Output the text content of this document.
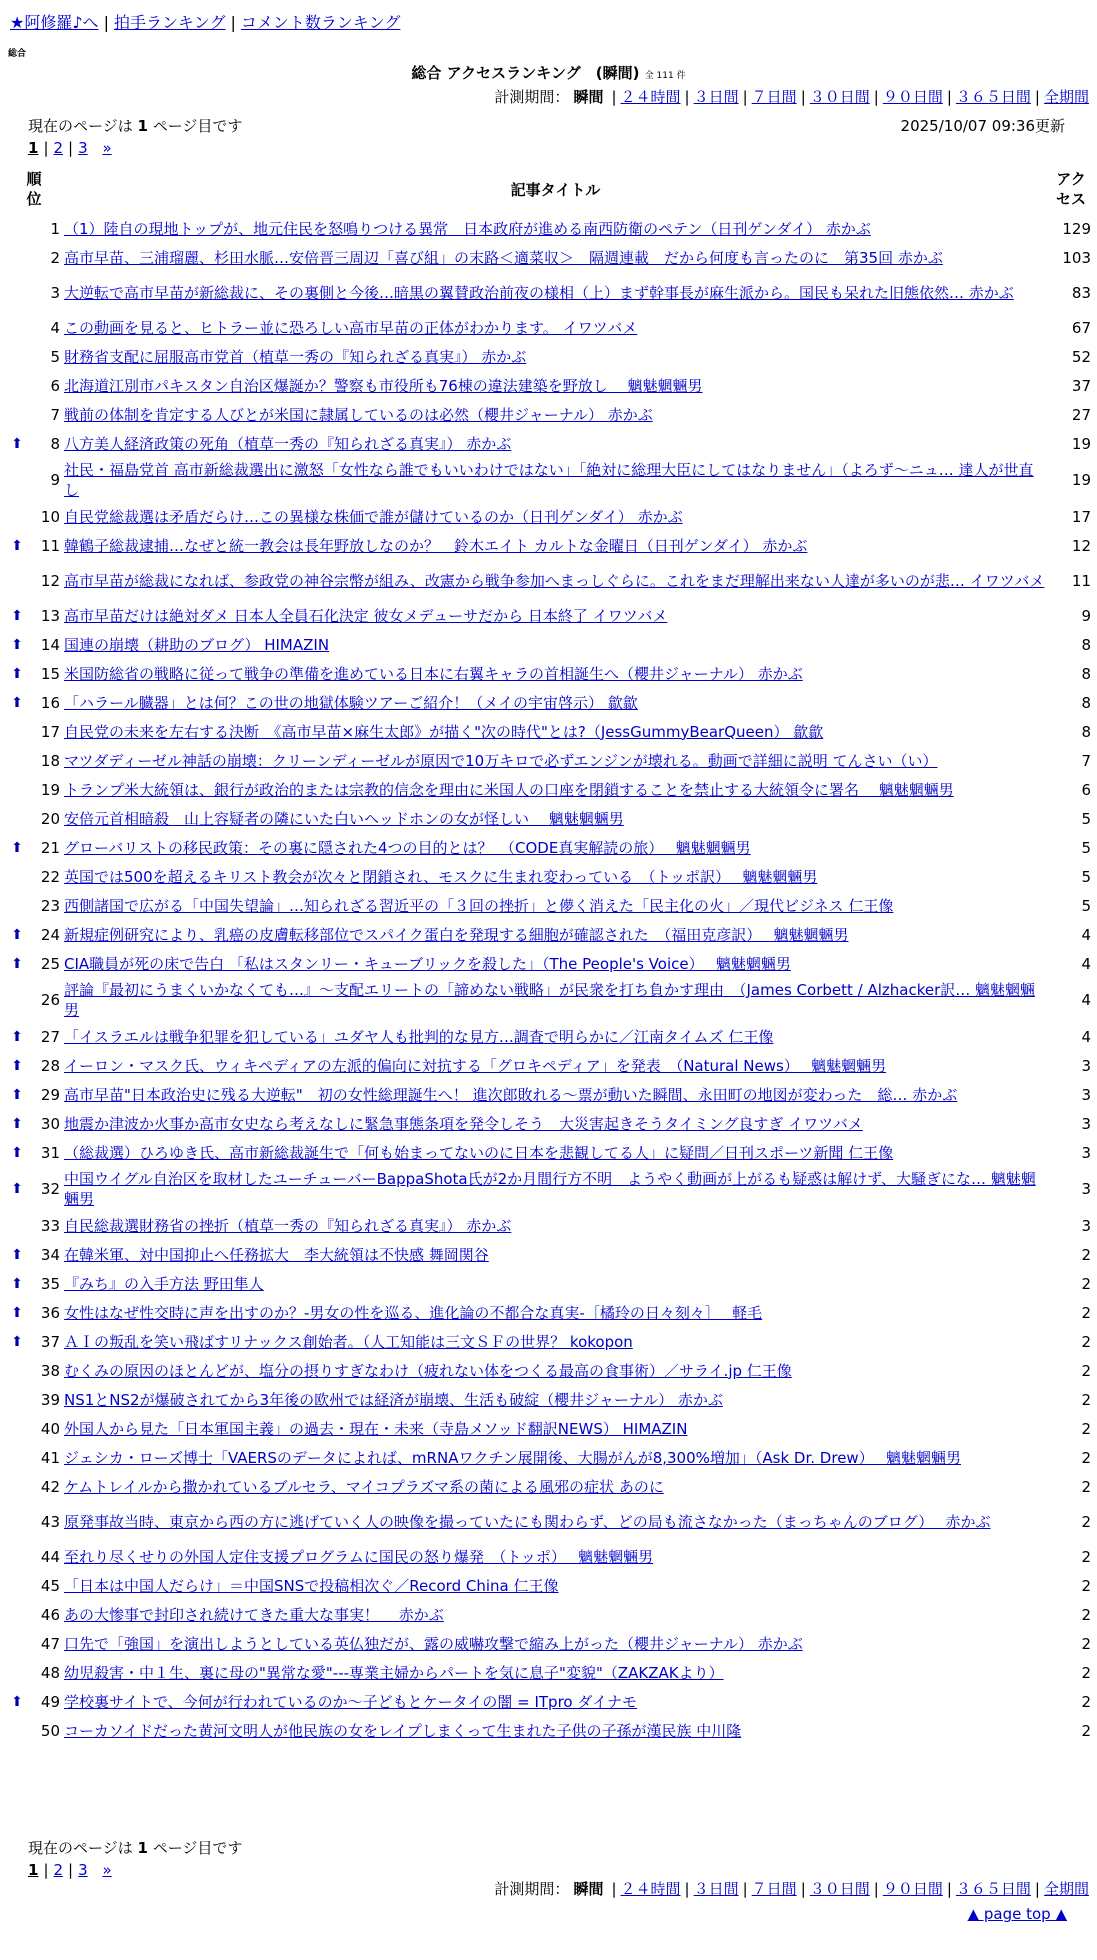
★阿修羅♪へ | 拍手ランキング | コメント数ランキング
総合
総合 アクセスランキング　(瞬間) 全 111 件
計測期間： 瞬間 | ２４時間 | ３日間 | ７日間 | ３０日間 | ９０日間 | ３６５日間 | 全期間
現在のページは 1 ページ目です	2025/10/07 09:36更新
1 | 2 | 3 »
順
位		記事タイトル	アク
セス
	1	（1）陸自の現地トップが、地元住民を怒鳴りつける異常　日本政府が進める南西防衛のペテン（日刊ゲンダイ） 赤かぶ	129
	2	高市早苗、三浦瑠麗、杉田水脈…安倍晋三周辺「喜び組」の末路＜適菜収＞　隔週連載　だから何度も言ったのに　第35回 赤かぶ	103
	3	大逆転で高市早苗が新総裁に、その裏側と今後…暗黒の翼賛政治前夜の様相（上）まず幹事長が麻生派から。国民も呆れた旧態依然… 赤かぶ	83
	4	この動画を見ると、ヒトラー並に恐ろしい高市早苗の正体がわかります。 イワツバメ	67
	5	財務省支配に屈服高市党首（植草一秀の『知られざる真実』） 赤かぶ	52
	6	北海道江別市パキスタン自治区爆誕か？警察も市役所も76棟の違法建築を野放し　 魑魅魍魎男	37
	7	戦前の体制を肯定する人びとが米国に隷属しているのは必然（櫻井ジャーナル） 赤かぶ	27
⬆	8	八方美人経済政策の死角（植草一秀の『知られざる真実』） 赤かぶ	19
	9	社民・福島党首 高市新総裁選出に激怒「女性なら誰でもいいわけではない」「絶対に総理大臣にしてはなりません」（よろず～ニュ… 達人が世直し	19
	10	自民党総裁選は矛盾だらけ…この異様な株価で誰が儲けているのか（日刊ゲンダイ） 赤かぶ	17
⬆	11	韓鶴子総裁逮捕…なぜと統一教会は長年野放しなのか？　鈴木エイト カルトな金曜日（日刊ゲンダイ） 赤かぶ	12
	12	高市早苗が総裁になれば、参政党の神谷宗幣が組み、改憲から戦争参加へまっしぐらに。これをまだ理解出来ない人達が多いのが悲… イワツバメ	11
⬆	13	高市早苗だけは絶対ダメ 日本人全員石化決定 彼女メデューサだから 日本終了 イワツバメ	9
⬆	14	国連の崩壊（耕助のブログ） HIMAZIN	8
⬆	15	米国防総省の戦略に従って戦争の準備を進めている日本に右翼キャラの首相誕生へ（櫻井ジャーナル） 赤かぶ	8
⬆	16	「ハラール臓器」とは何？この世の地獄体験ツアーご紹介！（メイの宇宙啓示） 歙歙	8
	17	自民党の未来を左右する決断　《高市早苗×麻生太郎》が描く"次の時代"とは?（JessGummyBearQueen） 歙歙	8
	18	マツダディーゼル神話の崩壊：クリーンディーゼルが原因で10万キロで必ずエンジンが壊れる。動画で詳細に説明 てんさい（い）	7
	19	トランプ米大統領は、銀行が政治的または宗教的信念を理由に米国人の口座を閉鎖することを禁止する大統領令に署名　 魑魅魍魎男	6
	20	安倍元首相暗殺　山上容疑者の隣にいた白いヘッドホンの女が怪しい　 魑魅魍魎男	5
⬆	21	グローバリストの移民政策：その裏に隠された4つの目的とは？　（CODE真実解読の旅）　 魑魅魍魎男	5
	22	英国では500を超えるキリスト教会が次々と閉鎖され、モスクに生まれ変わっている　（トッポ訳）　 魑魅魍魎男	5
	23	西側諸国で広がる「中国失望論」…知られざる習近平の「３回の挫折」と儚く消えた「民主化の火」／現代ビジネス 仁王像	5
⬆	24	新規症例研究により、乳癌の皮膚転移部位でスパイク蛋白を発現する細胞が確認された　（福田克彦訳）　 魑魅魍魎男	4
⬆	25	CIA職員が死の床で告白 「私はスタンリー・キューブリックを殺した」（The People's Voice）　 魑魅魍魎男	4
	26	評論『最初にうまくいかなくても…』〜支配エリートの「諦めない戦略」が民衆を打ち負かす理由　（James Corbett / Alzhacker訳… 魑魅魍魎男	4
⬆	27	「イスラエルは戦争犯罪を犯している」ユダヤ人も批判的な見方…調査で明らかに／江南タイムズ 仁王像	4
⬆	28	イーロン・マスク氏、ウィキペディアの左派的偏向に対抗する「グロキペディア」を発表　（Natural News）　 魑魅魍魎男	3
⬆	29	高市早苗"日本政治史に残る大逆転"　初の女性総理誕生へ！ 進次郎敗れる〜票が動いた瞬間、永田町の地図が変わった　総… 赤かぶ	3
⬆	30	地震か津波か火事か高市女史なら考えなしに緊急事態条項を発令しそう　大災害起きそうタイミング良すぎ イワツバメ	3
⬆	31	（総裁選）ひろゆき氏、高市新総裁誕生で「何も始まってないのに日本を悲観してる人」に疑問／日刊スポーツ新聞 仁王像	3
⬆	32	中国ウイグル自治区を取材したユーチューバーBappaShota氏が2か月間行方不明　ようやく動画が上がるも疑惑は解けず、大騒ぎにな… 魑魅魍魎男	3
	33	自民総裁選財務省の挫折（植草一秀の『知られざる真実』） 赤かぶ	3
⬆	34	在韓米軍、対中国抑止へ任務拡大　李大統領は不快感 舞岡関谷	2
⬆	35	『みち』の入手方法 野田隼人	2
⬆	36	女性はなぜ性交時に声を出すのか？-男女の性を巡る、進化論の不都合な真実-［橘玲の日々刻々］　 軽毛	2
⬆	37	ＡＩの叛乱を笑い飛ばすリナックス創始者。（人工知能は三文ＳＦの世界？ kokopon	2
	38	むくみの原因のほとんどが、塩分の摂りすぎなわけ（疲れない体をつくる最高の食事術）／サライ.jp 仁王像	2
	39	NS1とNS2が爆破されてから3年後の欧州では経済が崩壊、生活も破綻（櫻井ジャーナル） 赤かぶ	2
	40	外国人から見た「日本軍国主義」の過去・現在・未来（寺島メソッド翻訳NEWS） HIMAZIN	2
	41	ジェシカ・ローズ博士「VAERSのデータによれば、mRNAワクチン展開後、大腸がんが8,300%増加」（Ask Dr. Drew）　 魑魅魍魎男	2
	42	ケムトレイルから撒かれているブルセラ、マイコプラズマ系の菌による風邪の症状 あのに	2
	43	原発事故当時、東京から西の方に逃げていく人の映像を撮っていたにも関わらず、どの局も流さなかった（まっちゃんのブログ）　 赤かぶ	2
	44	至れり尽くせりの外国人定住支援プログラムに国民の怒り爆発　（トッポ）　 魑魅魍魎男	2
	45	「日本は中国人だらけ」＝中国SNSで投稿相次ぐ／Record China 仁王像	2
	46	あの大惨事で封印され続けてきた重大な事実！　 赤かぶ	2
	47	口先で「強国」を演出しようとしている英仏独だが、露の威嚇攻撃で縮み上がった（櫻井ジャーナル） 赤かぶ	2
	48	幼児殺害・中１生、裏に母の"異常な愛"---専業主婦からパートを気に息子"変貌"（ZAKZAKより）	2
⬆	49	学校裏サイトで、今何が行われているのか〜子どもとケータイの闇 = ITpro ダイナモ	2
	50	コーカソイドだった黄河文明人が他民族の女をレイプしまくって生まれた子供の子孫が漢民族 中川隆	2
現在のページは 1 ページ目です
1 | 2 | 3 »
計測期間： 瞬間 | ２４時間 | ３日間 | ７日間 | ３０日間 | ９０日間 | ３６５日間 | 全期間
▲ page top ▲
